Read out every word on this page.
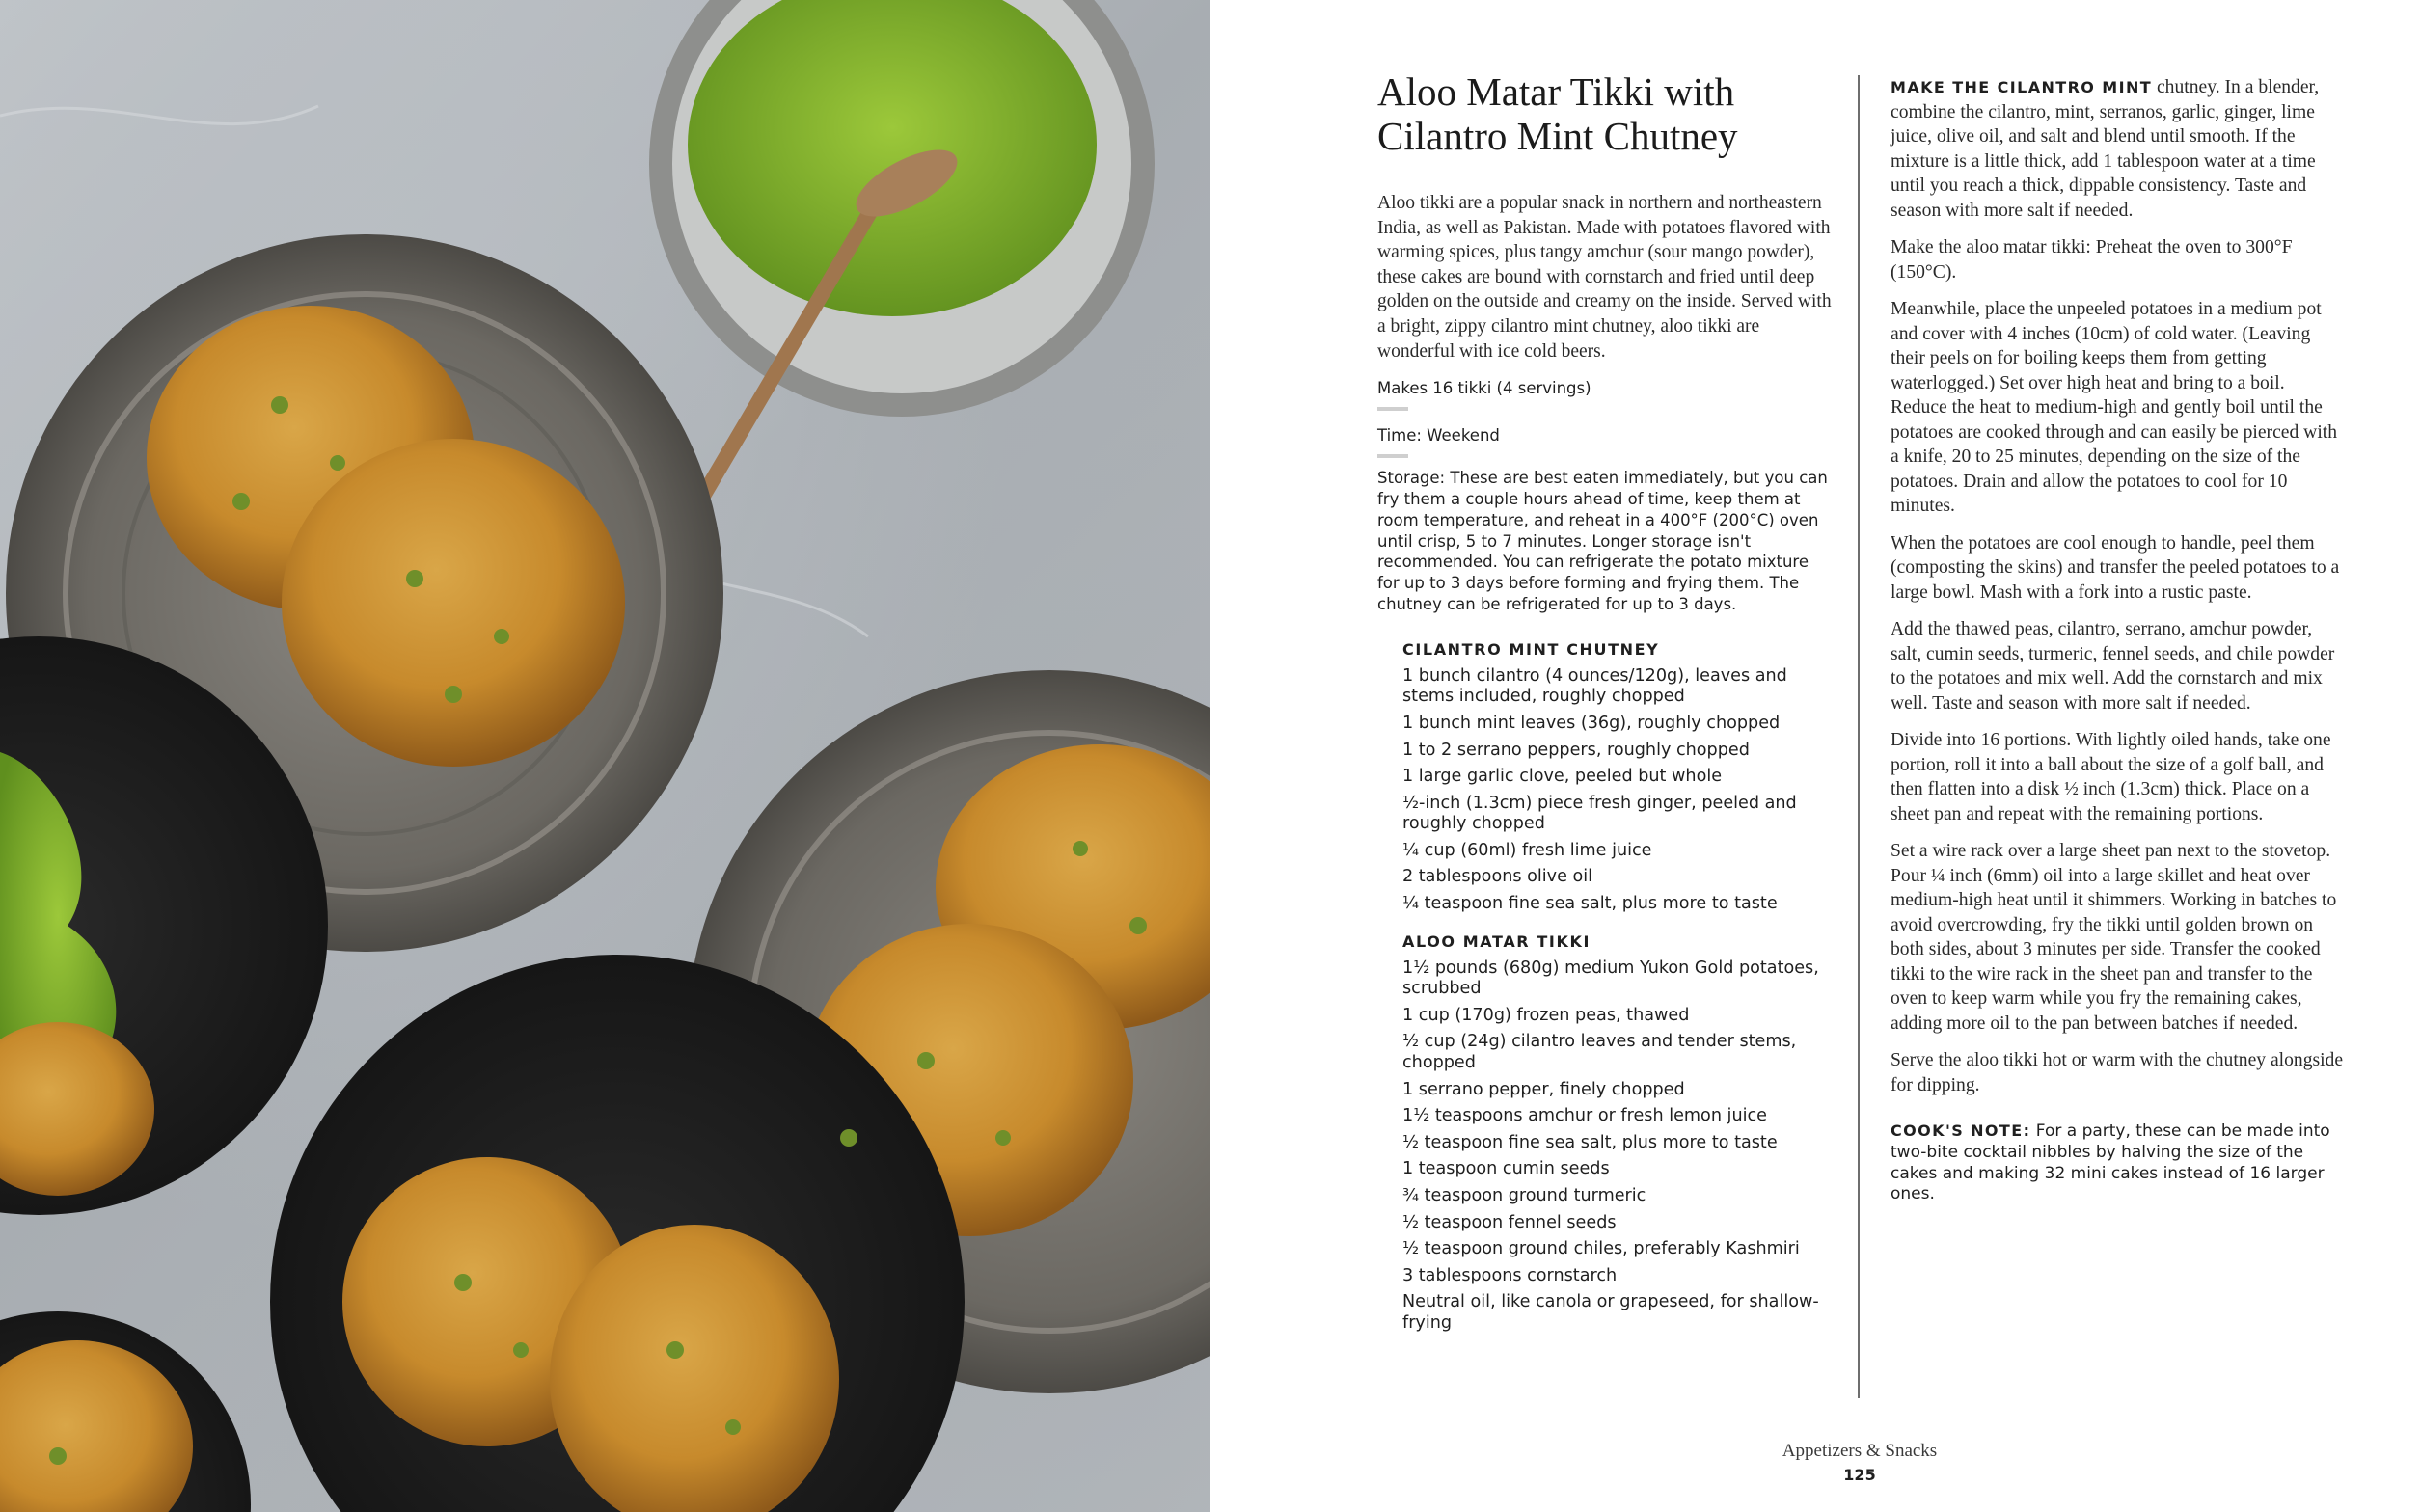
Aloo Matar Tikki with Cilantro Mint Chutney

Aloo tikki are a popular snack in northern and northeastern India, as well as Pakistan. Made with potatoes flavored with warming spices, plus tangy amchur (sour mango powder), these cakes are bound with cornstarch and fried until deep golden on the outside and creamy on the inside. Served with a bright, zippy cilantro mint chutney, aloo tikki are wonderful with ice cold beers.

Makes 16 tikki (4 servings)
Time: Weekend
Storage: These are best eaten immediately, but you can fry them a couple hours ahead of time, keep them at room temperature, and reheat in a 400°F (200°C) oven until crisp, 5 to 7 minutes. Longer storage isn't recommended. You can refrigerate the potato mixture for up to 3 days before forming and frying them. The chutney can be refrigerated for up to 3 days.
CILANTRO MINT CHUTNEY
1 bunch cilantro (4 ounces/120g), leaves and stems included, roughly chopped
1 bunch mint leaves (36g), roughly chopped
1 to 2 serrano peppers, roughly chopped
1 large garlic clove, peeled but whole
½-inch (1.3cm) piece fresh ginger, peeled and roughly chopped
¼ cup (60ml) fresh lime juice
2 tablespoons olive oil
¼ teaspoon fine sea salt, plus more to taste
ALOO MATAR TIKKI
1½ pounds (680g) medium Yukon Gold potatoes, scrubbed
1 cup (170g) frozen peas, thawed
½ cup (24g) cilantro leaves and tender stems, chopped
1 serrano pepper, finely chopped
1½ teaspoons amchur or fresh lemon juice
½ teaspoon fine sea salt, plus more to taste
1 teaspoon cumin seeds
¾ teaspoon ground turmeric
½ teaspoon fennel seeds
½ teaspoon ground chiles, preferably Kashmiri
3 tablespoons cornstarch
Neutral oil, like canola or grapeseed, for shallow-frying

MAKE THE CILANTRO MINT chutney. In a blender, combine the cilantro, mint, serranos, garlic, ginger, lime juice, olive oil, and salt and blend until smooth. If the mixture is a little thick, add 1 tablespoon water at a time until you reach a thick, dippable consistency. Taste and season with more salt if needed.

Make the aloo matar tikki: Preheat the oven to 300°F (150°C).

Meanwhile, place the unpeeled potatoes in a medium pot and cover with 4 inches (10cm) of cold water. (Leaving their peels on for boiling keeps them from getting waterlogged.) Set over high heat and bring to a boil. Reduce the heat to medium-high and gently boil until the potatoes are cooked through and can easily be pierced with a knife, 20 to 25 minutes, depending on the size of the potatoes. Drain and allow the potatoes to cool for 10 minutes.

When the potatoes are cool enough to handle, peel them (composting the skins) and transfer the peeled potatoes to a large bowl. Mash with a fork into a rustic paste.

Add the thawed peas, cilantro, serrano, amchur powder, salt, cumin seeds, turmeric, fennel seeds, and chile powder to the potatoes and mix well. Add the cornstarch and mix well. Taste and season with more salt if needed.

Divide into 16 portions. With lightly oiled hands, take one portion, roll it into a ball about the size of a golf ball, and then flatten into a disk ½ inch (1.3cm) thick. Place on a sheet pan and repeat with the remaining portions.

Set a wire rack over a large sheet pan next to the stovetop. Pour ¼ inch (6mm) oil into a large skillet and heat over medium-high heat until it shimmers. Working in batches to avoid overcrowding, fry the tikki until golden brown on both sides, about 3 minutes per side. Transfer the cooked tikki to the wire rack in the sheet pan and transfer to the oven to keep warm while you fry the remaining cakes, adding more oil to the pan between batches if needed.

Serve the aloo tikki hot or warm with the chutney alongside for dipping.

COOK'S NOTE: For a party, these can be made into two-bite cocktail nibbles by halving the size of the cakes and making 32 mini cakes instead of 16 larger ones.
Appetizers & Snacks
125
